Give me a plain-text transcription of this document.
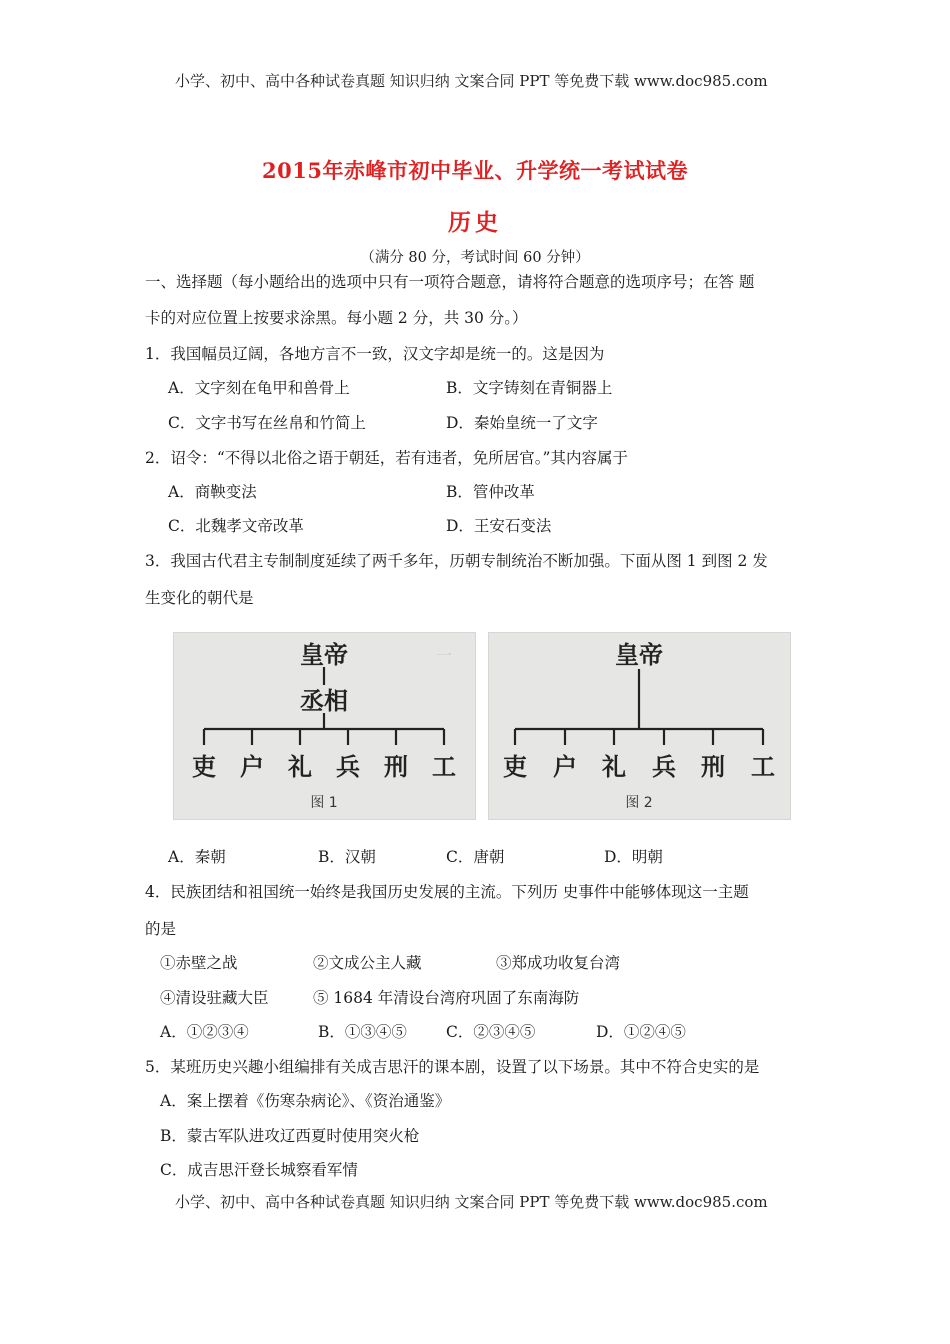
小学、初中、高中各种试卷真题 知识归纳 文案合同 PPT 等免费下载 www.doc985.com
2015年赤峰市初中毕业、升学统一考试试卷
历史
（满分 80 分，考试时间 60 分钟）
一、选择题（每小题给出的选项中只有一项符合题意，请将符合题意的选项序号；在答 题
卡的对应位置上按要求涂黑。每小题 2 分，共 30 分。）
1．我国幅员辽阔，各地方言不一致，汉文字却是统一的。这是因为
A．文字刻在龟甲和兽骨上	B．文字铸刻在青铜器上
C．文字书写在丝帛和竹简上	D．秦始皇统一了文字
2．诏令：“不得以北俗之语于朝廷，若有违者，免所居官。”其内容属于
A．商鞅变法	B．管仲改革
C．北魏孝文帝改革	D．王安石变法
3．我国古代君主专制制度延续了两千多年，历朝专制统治不断加强。下面从图 1 到图 2 发
生变化的朝代是
一
皇帝
丞相
吏 户 礼 兵 刑 工
图 1
皇帝
吏 户 礼 兵 刑 工
图 2
A．秦朝	B．汉朝	C．唐朝	D．明朝
4．民族团结和祖国统一始终是我国历史发展的主流。下列历 史事件中能够体现这一主题
的是
①赤壁之战	②文成公主人藏	③郑成功收复台湾
④清设驻藏大臣	⑤ 1684 年清设台湾府巩固了东南海防
A．①②③④	B．①③④⑤	C．②③④⑤	D．①②④⑤
5．某班历史兴趣小组编排有关成吉思汗的课本剧，设置了以下场景。其中不符合史实的是
A．案上摆着《伤寒杂病论》、《资治通鉴》
B．蒙古军队进攻辽西夏时使用突火枪
C．成吉思汗登长城察看军情
小学、初中、高中各种试卷真题 知识归纳 文案合同 PPT 等免费下载 www.doc985.com
